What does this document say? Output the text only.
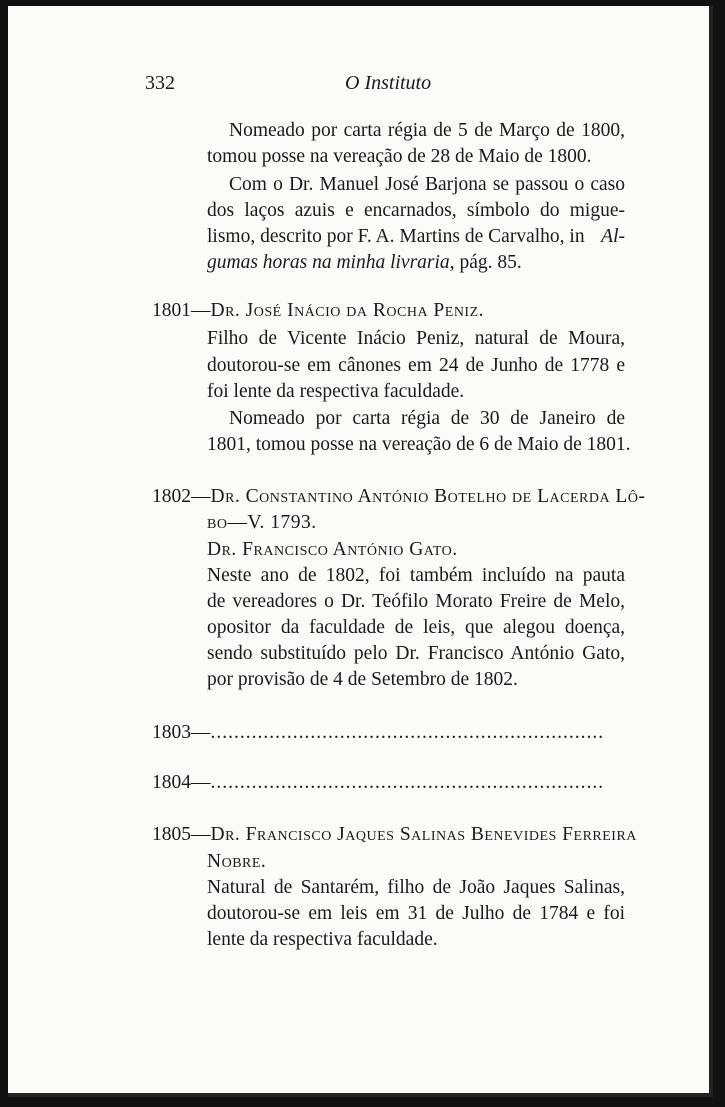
332	O Instituto
Nomeado por carta régia de 5 de Março de 1800,
tomou posse na vereação de 28 de Maio de 1800.
Com o Dr. Manuel José Barjona se passou o caso
dos laços azuis e encarnados, símbolo do migue-
lismo, descrito por F. A. Martins de Carvalho, in Al-
gumas horas na minha livraria, pág. 85.
1801—Dr. José Inácio da Rocha Peniz.
Filho de Vicente Inácio Peniz, natural de Moura,
doutorou-se em cânones em 24 de Junho de 1778 e
foi lente da respectiva faculdade.
Nomeado por carta régia de 30 de Janeiro de
1801, tomou posse na vereação de 6 de Maio de 1801.
1802—Dr. Constantino António Botelho de Lacerda Lô-
bo—V. 1793.
Dr. Francisco António Gato.
Neste ano de 1802, foi também incluído na pauta
de vereadores o Dr. Teófilo Morato Freire de Melo,
opositor da faculdade de leis, que alegou doença,
sendo substituído pelo Dr. Francisco António Gato,
por provisão de 4 de Setembro de 1802.
1803—...................................................................
1804—...................................................................
1805—Dr. Francisco Jaques Salinas Benevides Ferreira
Nobre.
Natural de Santarém, filho de João Jaques Salinas,
doutorou-se em leis em 31 de Julho de 1784 e foi
lente da respectiva faculdade.
